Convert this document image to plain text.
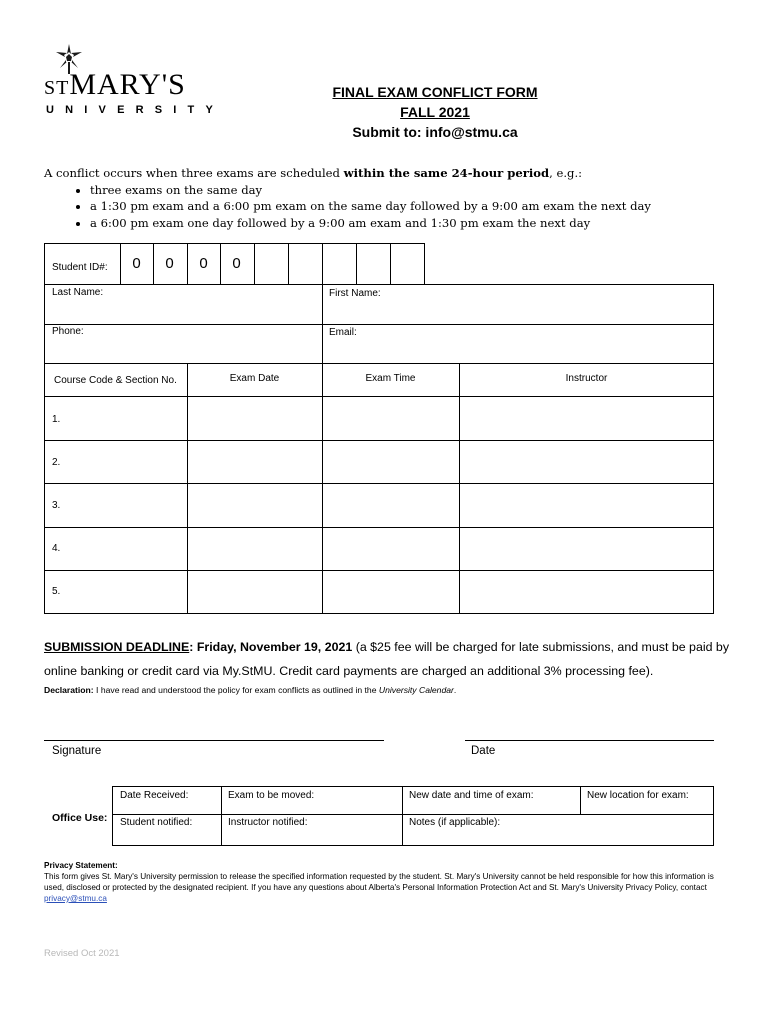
STMARY'S
UNIVERSITY
FINAL EXAM CONFLICT FORM
FALL 2021
Submit to: info@stmu.ca
A conflict occurs when three exams are scheduled within the same 24-hour period, e.g.:
• three exams on the same day
• a 1:30 pm exam and a 6:00 pm exam on the same day followed by a 9:00 am exam the next day
• a 6:00 pm exam one day followed by a 9:00 am exam and 1:30 pm exam the next day
Student ID#:	0	0	0	0
Last Name:	First Name:
Phone:	Email:
Course Code & Section No.	Exam Date	Exam Time	Instructor
1.
2.
3.
4.
5.
SUBMISSION DEADLINE: Friday, November 19, 2021 (a $25 fee will be charged for late submissions, and must be paid by online banking or credit card via My.StMU. Credit card payments are charged an additional 3% processing fee).
Declaration: I have read and understood the policy for exam conflicts as outlined in the University Calendar.
Signature	Date
Office Use:
Date Received:	Exam to be moved:	New date and time of exam:	New location for exam:
Student notified:	Instructor notified:	Notes (if applicable):
Privacy Statement:
This form gives St. Mary's University permission to release the specified information requested by the student. St. Mary's University cannot be held responsible for how this information is used, disclosed or protected by the designated recipient. If you have any questions about Alberta's Personal Information Protection Act and St. Mary's University Privacy Policy, contact privacy@stmu.ca
Revised Oct 2021
